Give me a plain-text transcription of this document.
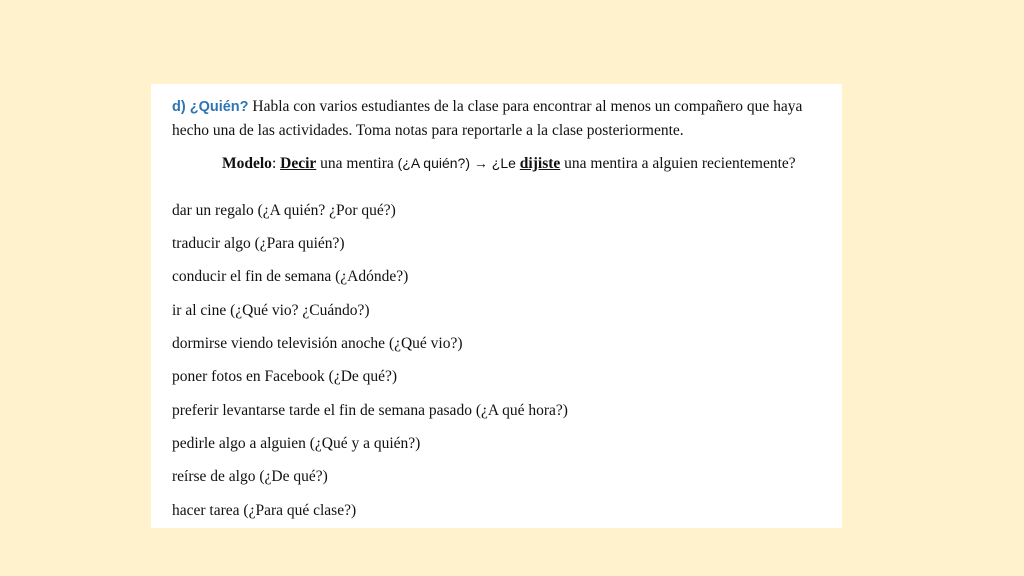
d) ¿Quién? Habla con varios estudiantes de la clase para encontrar al menos un compañero que haya hecho una de las actividades. Toma notas para reportarle a la clase posteriormente.

Modelo: Decir una mentira (¿A quién?) → ¿Le dijiste una mentira a alguien recientemente?
dar un regalo (¿A quién? ¿Por qué?)
traducir algo (¿Para quién?)
conducir el fin de semana (¿Adónde?)
ir al cine (¿Qué vio? ¿Cuándo?)
dormirse viendo televisión anoche (¿Qué vio?)
poner fotos en Facebook (¿De qué?)
preferir levantarse tarde el fin de semana pasado (¿A qué hora?)
pedirle algo a alguien (¿Qué y a quién?)
reírse de algo (¿De qué?)
hacer tarea (¿Para qué clase?)
